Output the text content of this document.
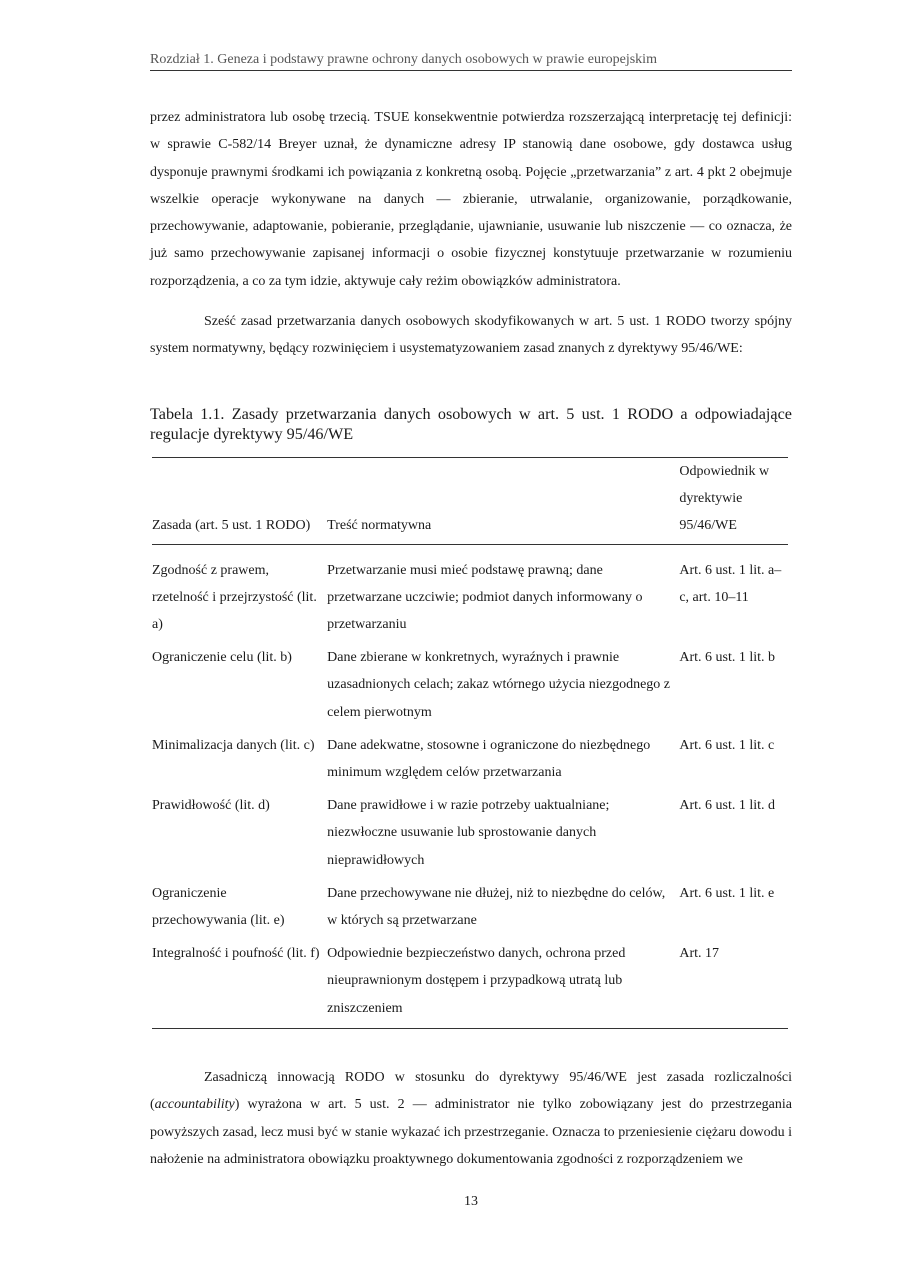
Rozdział 1. Geneza i podstawy prawne ochrony danych osobowych w prawie europejskim

przez administratora lub osobę trzecią. TSUE konsekwentnie potwierdza rozszerzającą interpretację tej definicji: w sprawie C-582/14 Breyer uznał, że dynamiczne adresy IP stanowią dane osobowe, gdy dostawca usług dysponuje prawnymi środkami ich powiązania z konkretną osobą. Pojęcie „przetwarzania” z art. 4 pkt 2 obejmuje wszelkie operacje wykonywane na danych — zbieranie, utrwalanie, organizowanie, porządkowanie, przechowywanie, adaptowanie, pobieranie, przeglądanie, ujawnianie, usuwanie lub niszczenie — co oznacza, że już samo przechowywanie zapisanej informacji o osobie fizycznej konstytuuje przetwarzanie w rozumieniu rozporządzenia, a co za tym idzie, aktywuje cały reżim obowiązków administratora.

Sześć zasad przetwarzania danych osobowych skodyfikowanych w art. 5 ust. 1 RODO tworzy spójny system normatywny, będący rozwinięciem i usystematyzowaniem zasad znanych z dyrektywy 95/46/WE:

Tabela 1.1. Zasady przetwarzania danych osobowych w art. 5 ust. 1 RODO a odpowiadające regulacje dyrektywy 95/46/WE

Zasada (art. 5 ust. 1 RODO)	Treść normatywna	Odpowiednik w dyrektywie 95/46/WE
Zgodność z prawem, rzetelność i przejrzystość (lit. a)	Przetwarzanie musi mieć podstawę prawną; dane przetwarzane uczciwie; podmiot danych informowany o przetwarzaniu	Art. 6 ust. 1 lit. a–c, art. 10–11
Ograniczenie celu (lit. b)	Dane zbierane w konkretnych, wyraźnych i prawnie uzasadnionych celach; zakaz wtórnego użycia niezgodnego z celem pierwotnym	Art. 6 ust. 1 lit. b
Minimalizacja danych (lit. c)	Dane adekwatne, stosowne i ograniczone do niezbędnego minimum względem celów przetwarzania	Art. 6 ust. 1 lit. c
Prawidłowość (lit. d)	Dane prawidłowe i w razie potrzeby uaktualniane; niezwłoczne usuwanie lub sprostowanie danych nieprawidłowych	Art. 6 ust. 1 lit. d
Ograniczenie przechowywania (lit. e)	Dane przechowywane nie dłużej, niż to niezbędne do celów, w których są przetwarzane	Art. 6 ust. 1 lit. e
Integralność i poufność (lit. f)	Odpowiednie bezpieczeństwo danych, ochrona przed nieuprawnionym dostępem i przypadkową utratą lub zniszczeniem	Art. 17

Zasadniczą innowacją RODO w stosunku do dyrektywy 95/46/WE jest zasada rozliczalności (accountability) wyrażona w art. 5 ust. 2 — administrator nie tylko zobowiązany jest do przestrzegania powyższych zasad, lecz musi być w stanie wykazać ich przestrzeganie. Oznacza to przeniesienie ciężaru dowodu i nałożenie na administratora obowiązku proaktywnego dokumentowania zgodności z rozporządzeniem we

13
